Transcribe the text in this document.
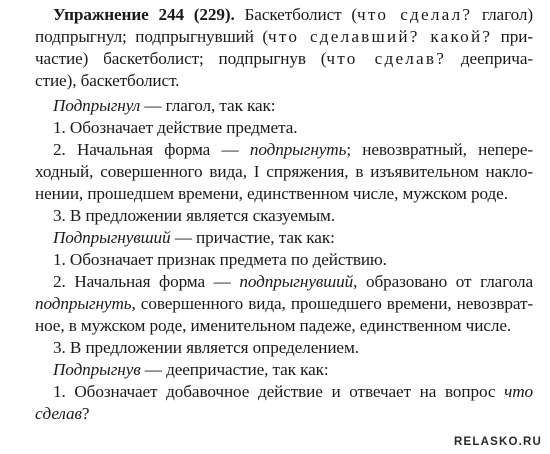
Упражнение 244 (229). Баскетболист (что сделал? глагол)
подпрыгнул; подпрыгнувший (что сделавший? какой? при-
частие) баскетболист; подпрыгнув (что сделав? дееприча-
стие), баскетболист.
Подпрыгнул — глагол, так как:
1. Обозначает действие предмета.
2. Начальная форма — подпрыгнуть; невозвратный, непере-
ходный, совершенного вида, I спряжения, в изъявительном накло-
нении, прошедшем времени, единственном числе, мужском роде.
3. В предложении является сказуемым.
Подпрыгнувший — причастие, так как:
1. Обозначает признак предмета по действию.
2. Начальная форма — подпрыгнувший, образовано от глагола
подпрыгнуть, совершенного вида, прошедшего времени, невозврат-
ное, в мужском роде, именительном падеже, единственном числе.
3. В предложении является определением.
Подпрыгнув — деепричастие, так как:
1. Обозначает добавочное действие и отвечает на вопрос что
сделав?
RELASKO.RU
